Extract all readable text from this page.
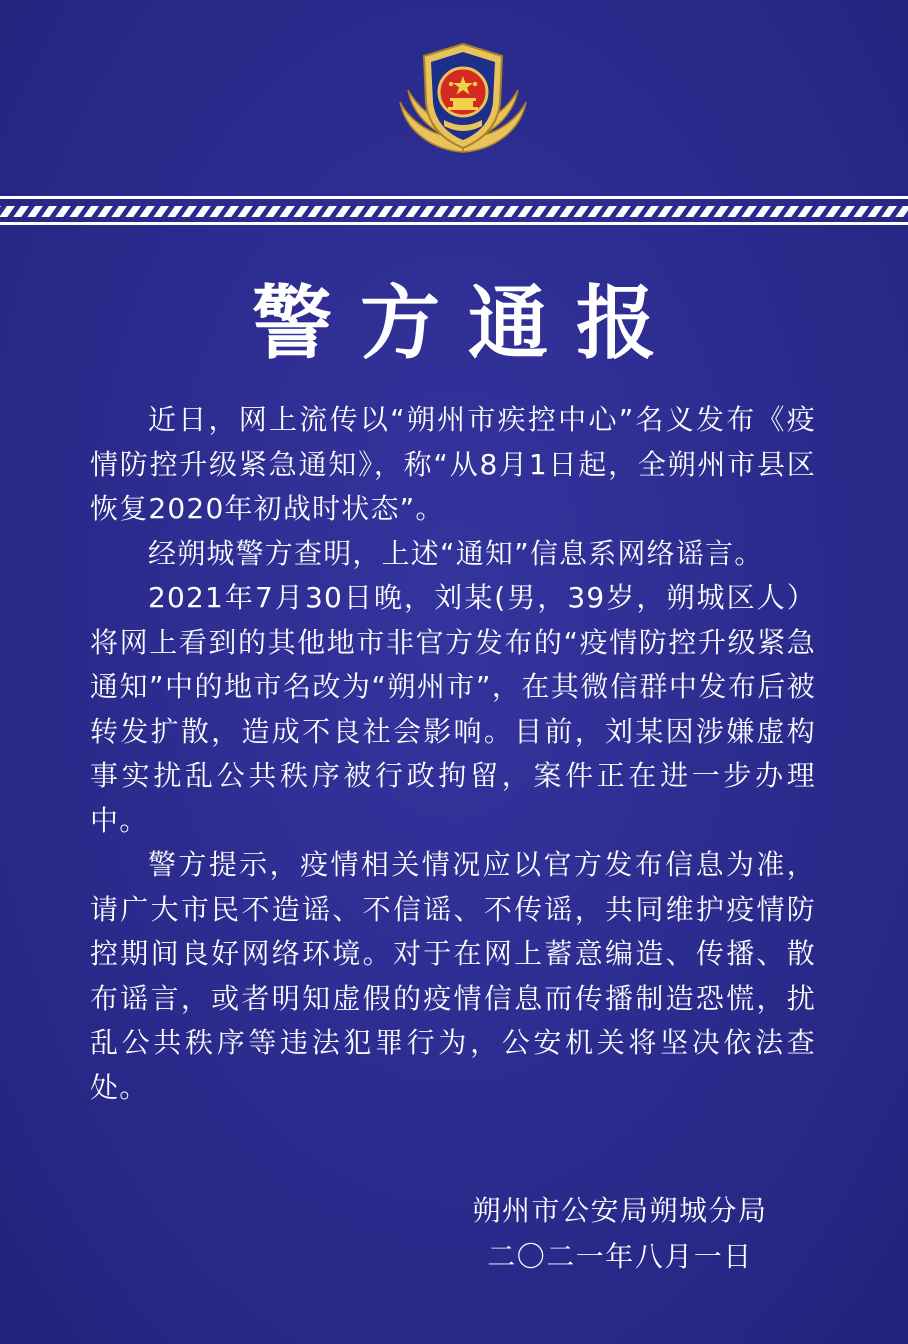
警方通报

近日，网上流传以“朔州市疾控中心”名义发布《疫情防控升级紧急通知》，称“从8月1日起，全朔州市县区恢复2020年初战时状态”。

经朔城警方查明，上述“通知”信息系网络谣言。

2021年7月30日晚，刘某(男，39岁，朔城区人）将网上看到的其他地市非官方发布的“疫情防控升级紧急通知”中的地市名改为“朔州市”，在其微信群中发布后被转发扩散，造成不良社会影响。目前，刘某因涉嫌虚构事实扰乱公共秩序被行政拘留，案件正在进一步办理中。

警方提示，疫情相关情况应以官方发布信息为准，请广大市民不造谣、不信谣、不传谣，共同维护疫情防控期间良好网络环境。对于在网上蓄意编造、传播、散布谣言，或者明知虚假的疫情信息而传播制造恐慌，扰乱公共秩序等违法犯罪行为，公安机关将坚决依法查处。

朔州市公安局朔城分局
二〇二一年八月一日
